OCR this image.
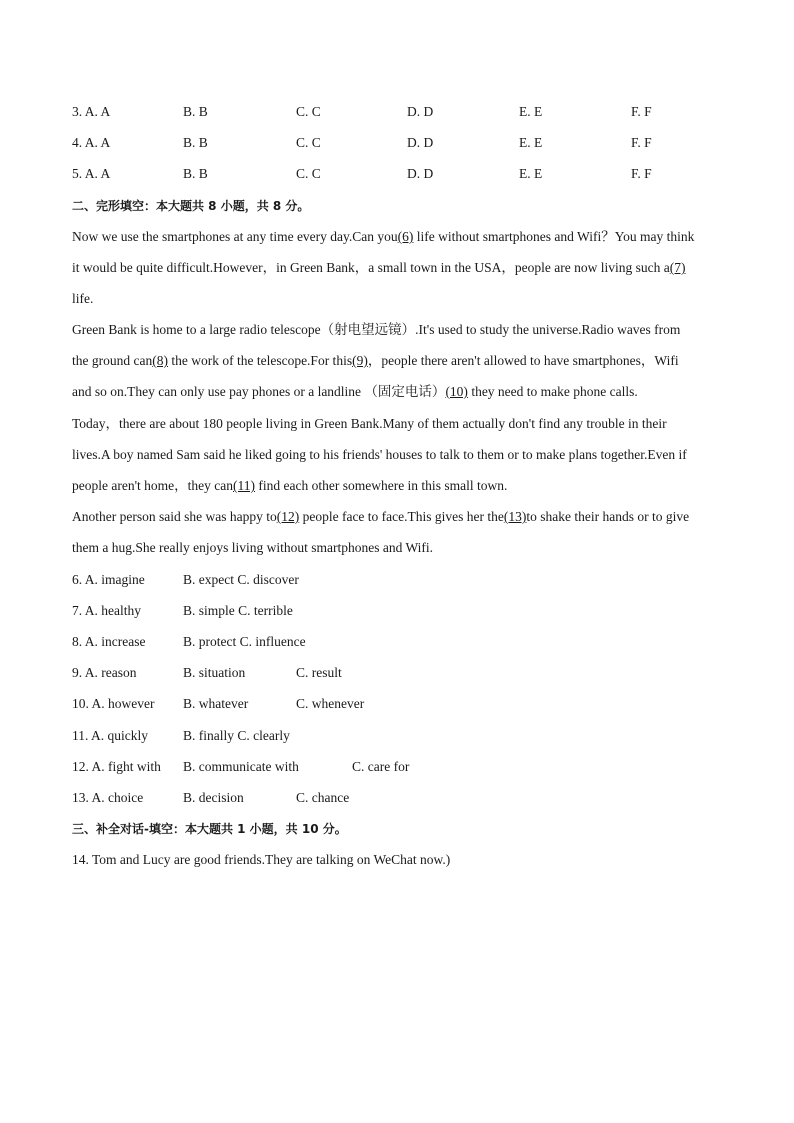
3. A. A	B. B	C. C	D. D	E. E	F. F
4. A. A	B. B	C. C	D. D	E. E	F. F
5. A. A	B. B	C. C	D. D	E. E	F. F
二、完形填空：本大题共 8 小题，共 8 分。
Now we use the smartphones at any time every day.Can you(6) life without smartphones and Wifi？You may think
it would be quite difficult.However，in Green Bank，a small town in the USA，people are now living such a(7)
life.
Green Bank is home to a large radio telescope（射电望远镜）.It's used to study the universe.Radio waves from
the ground can(8) the work of the telescope.For this(9)，people there aren't allowed to have smartphones，Wifi
and so on.They can only use pay phones or a landline （固定电话）(10) they need to make phone calls.
Today，there are about 180 people living in Green Bank.Many of them actually don't find any trouble in their
lives.A boy named Sam said he liked going to his friends' houses to talk to them or to make plans together.Even if
people aren't home，they can(11) find each other somewhere in this small town.
Another person said she was happy to(12) people face to face.This gives her the(13)to shake their hands or to give
them a hug.She really enjoys living without smartphones and Wifi.
6. A. imagine	B. expect C. discover
7. A. healthy	B. simple C. terrible
8. A. increase	B. protect C. influence
9. A. reason	B. situation	C. result
10. A. however B. whatever	C. whenever
11. A. quickly	B. finally C. clearly
12. A. fight with B. communicate with	C. care for
13. A. choice	B. decision	C. chance
三、补全对话-填空：本大题共 1 小题，共 10 分。
14. Tom and Lucy are good friends.They are talking on WeChat now.)
